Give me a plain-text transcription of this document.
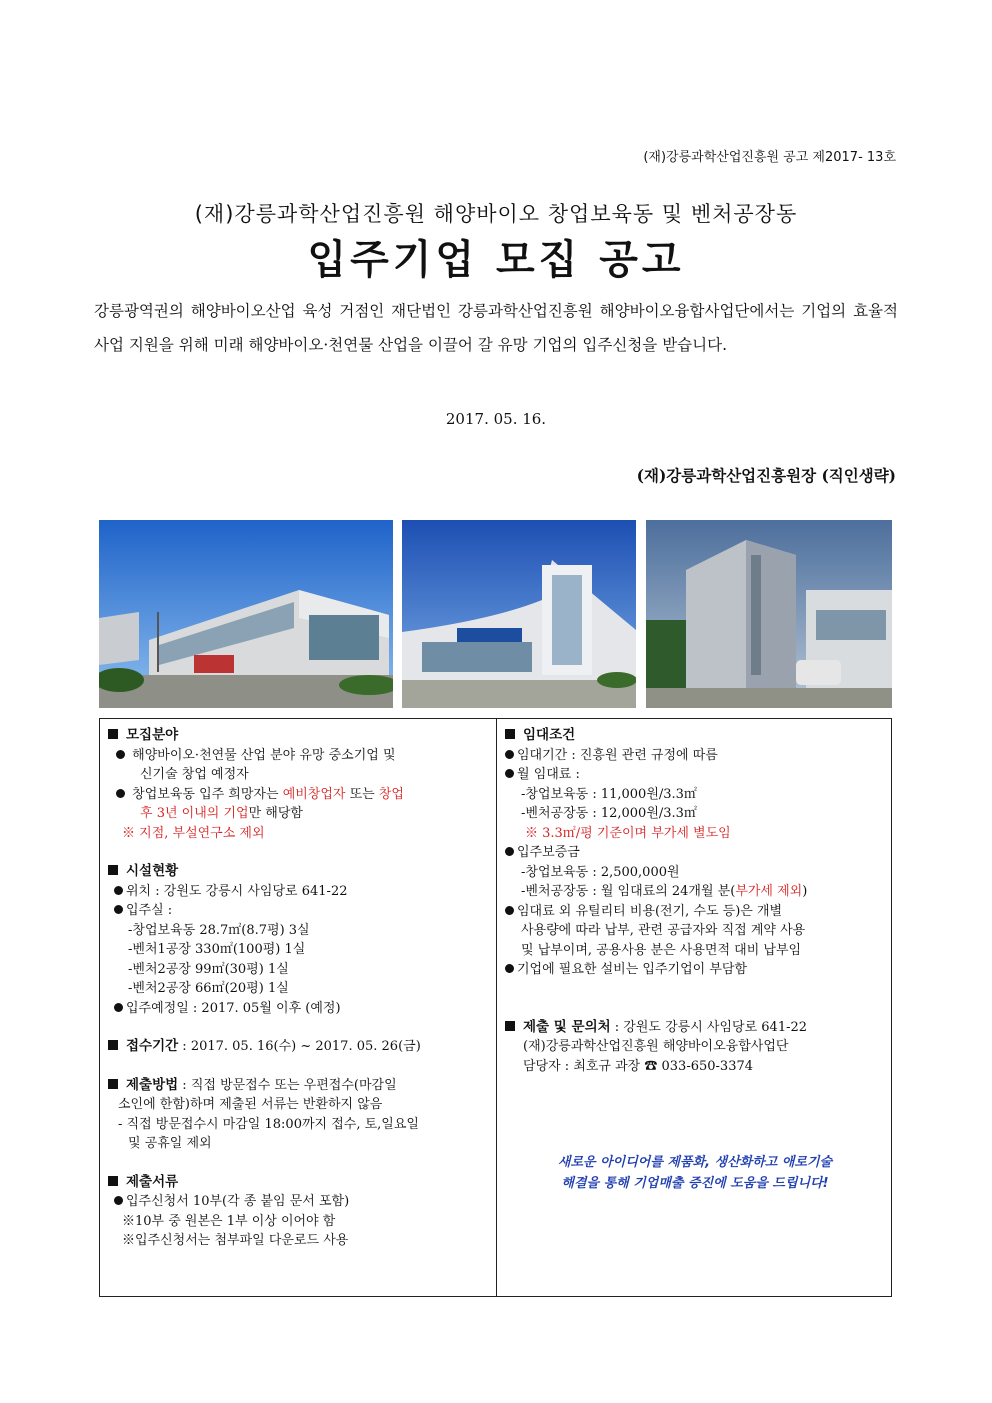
(재)강릉과학산업진흥원 공고 제2017- 13호
(재)강릉과학산업진흥원 해양바이오 창업보육동 및 벤처공장동
입주기업 모집 공고
강릉광역권의 해양바이오산업 육성 거점인 재단법인 강릉과학산업진흥원 해양바이오융합사업단에서는 기업의 효율적 사업 지원을 위해 미래 해양바이오·천연물 산업을 이끌어 갈 유망 기업의 입주신청을 받습니다.
2017. 05. 16.
(재)강릉과학산업진흥원장 (직인생략)
모집분야
해양바이오·천연물 산업 분야 유망 중소기업 및
신기술 창업 예정자
창업보육동 입주 희망자는 예비창업자 또는 창업
후 3년 이내의 기업만 해당함
※ 지점, 부설연구소 제외
시설현황
위치 : 강원도 강릉시 사임당로 641-22
입주실 :
-창업보육동 28.7㎡(8.7평) 3실
-벤처1공장 330㎡(100평) 1실
-벤처2공장 99㎡(30평) 1실
-벤처2공장 66㎡(20평) 1실
입주예정일 : 2017. 05월 이후 (예정)
접수기간 : 2017. 05. 16(수) ~ 2017. 05. 26(금)
제출방법 : 직접 방문접수 또는 우편접수(마감일
소인에 한함)하며 제출된 서류는 반환하지 않음
- 직접 방문접수시 마감일 18:00까지 접수, 토,일요일
및 공휴일 제외
제출서류
입주신청서 10부(각 종 붙임 문서 포함)
※10부 중 원본은 1부 이상 이어야 함
※입주신청서는 첨부파일 다운로드 사용
임대조건
임대기간 : 진흥원 관련 규정에 따름
월 임대료 :
-창업보육동 : 11,000원/3.3㎡
-벤처공장동 : 12,000원/3.3㎡
※ 3.3㎡/평 기준이며 부가세 별도임
입주보증금
-창업보육동 : 2,500,000원
-벤처공장동 : 월 임대료의 24개월 분(부가세 제외)
임대료 외 유틸리티 비용(전기, 수도 등)은 개별
사용량에 따라 납부, 관련 공급자와 직접 계약 사용
및 납부이며, 공용사용 분은 사용면적 대비 납부임
기업에 필요한 설비는 입주기업이 부담함
제출 및 문의처 : 강원도 강릉시 사임당로 641-22
(재)강릉과학산업진흥원 해양바이오융합사업단
담당자 : 최호규 과장 ☎ 033-650-3374
새로운 아이디어를 제품화, 생산화하고 애로기술
해결을 통해 기업매출 증진에 도움을 드립니다!
